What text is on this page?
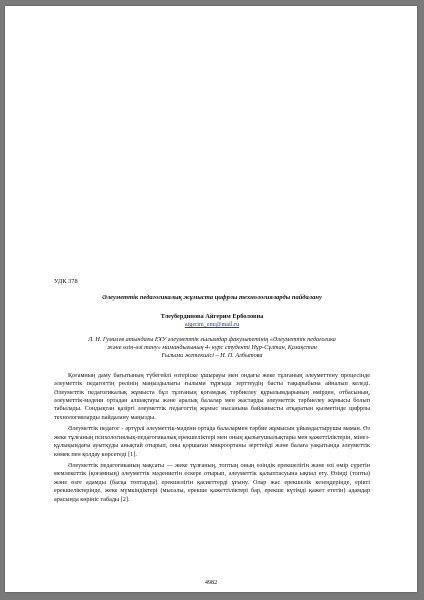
УДК 378

Әлеуметтік педагогикалық жұмыста цифрлы технологияларды пайдалану

Тлеубердинова Айгерим Ерболовна

aigerim_enu@mail.ru

Л. Н. Гумилев атындағы ЕҰУ әлеуметтік ғылымдар факультетінің «Әлеуметтік педагогика

және өзін-өзі тану» мамандығының 4- курс студенті Нұр-Сұлтан, Қазақстан

Ғылыми жетекшісі – Н. П. Албытова

Қоғамның даму бағытының түбегейлі өзгеріске ұшырауы мен ондағы жеке тұлғаның әлеуметтену процесінде әлеуметтік педагогтің рөлінің маңыздылығы ғылыми тұрғыда зерттеудің басты тақырыбына айналып келеді. Әлеуметтік педагогикалық жұмыста бұл тұлғаның қоғамдық тәрбиелеу құрылымдарының өмірден, отбасының, әлеуметтік-мәдени ортадан алшақтауы және аралық балалар мен жастарды әлеуметтік тәрбиелеу жұмысы болып табылады. Сондықтан қазіргі әлеуметтік педагогтің жұмыс нысанына байланысты атқаратын қызметінде цифрлы технологияларды пайдалану маңызды.

Әлеуметтік педагог - әртүрлі әлеуметтік-мәдени ортада балалармен тәрбие жұмысын ұйымдастырушы маман. Өз жеке тұлғаның психологиялық-педагогикалық ерекшеліктері мен оның қызығушылықтары мен қажеттіліктерін, мінез-құлықындағы ауытқуды анықтай отырып, оны қоршаған микроортаны зерттейді және балаға уақытында әлеуметтік көмек пен қолдау көрсетеді [1].

Әлеуметтік педагогиканың мақсаты — жеке тұлғаның, топтың оның өзіндік ерекшелігін және өзі өмір сүретін мемлекеттік (қоғамның) әлеуметтік мәдениетін ескере отырып, әлеуметтік қалыптасуына ықпал ету. Өзінді (топты) және өзге адамды (басқа топтарды) ерекшелігін қасиеттерді ұғыну. Олар жас ерекшелік кезеңдерінде, ерікті ерекшеліктерінде, жеке мүмкіндіктері (мысалы, ерекше қажеттіліктері бар, ерекше күтімді қажет ететін) адамдар арасында көрініс табады [2].

4982
